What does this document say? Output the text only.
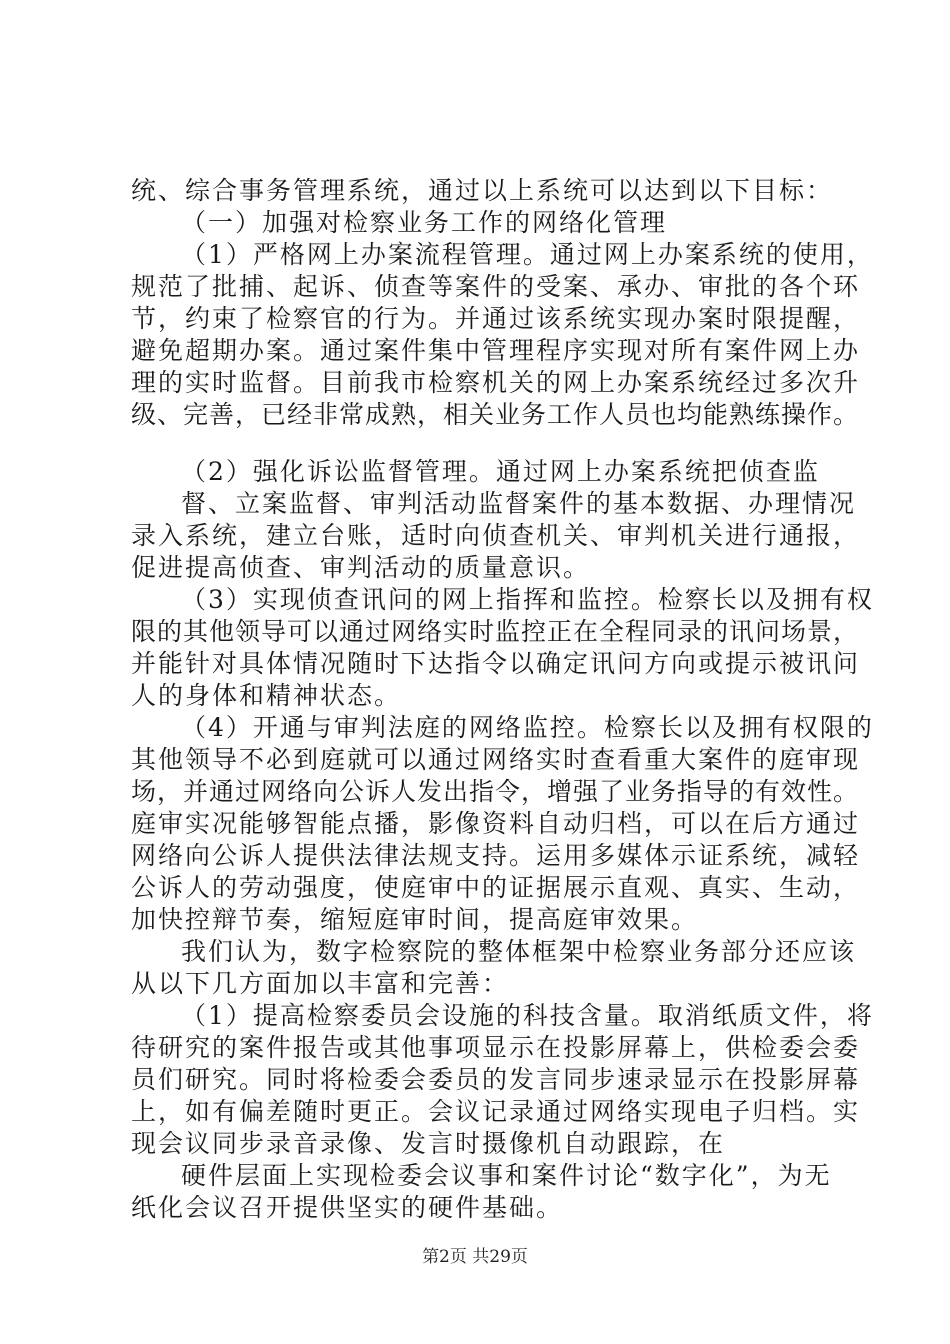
统、综合事务管理系统，通过以上系统可以达到以下目标：
（一）加强对检察业务工作的网络化管理
（1）严格网上办案流程管理。通过网上办案系统的使用，
规范了批捕、起诉、侦查等案件的受案、承办、审批的各个环
节，约束了检察官的行为。并通过该系统实现办案时限提醒，
避免超期办案。通过案件集中管理程序实现对所有案件网上办
理的实时监督。目前我市检察机关的网上办案系统经过多次升
级、完善，已经非常成熟，相关业务工作人员也均能熟练操作。
（2）强化诉讼监督管理。通过网上办案系统把侦查监
督、立案监督、审判活动监督案件的基本数据、办理情况
录入系统，建立台账，适时向侦查机关、审判机关进行通报，
促进提高侦查、审判活动的质量意识。
（3）实现侦查讯问的网上指挥和监控。检察长以及拥有权
限的其他领导可以通过网络实时监控正在全程同录的讯问场景，
并能针对具体情况随时下达指令以确定讯问方向或提示被讯问
人的身体和精神状态。
（4）开通与审判法庭的网络监控。检察长以及拥有权限的
其他领导不必到庭就可以通过网络实时查看重大案件的庭审现
场，并通过网络向公诉人发出指令，增强了业务指导的有效性。
庭审实况能够智能点播，影像资料自动归档，可以在后方通过
网络向公诉人提供法律法规支持。运用多媒体示证系统，减轻
公诉人的劳动强度，使庭审中的证据展示直观、真实、生动，
加快控辩节奏，缩短庭审时间，提高庭审效果。
我们认为，数字检察院的整体框架中检察业务部分还应该
从以下几方面加以丰富和完善：
（1）提高检察委员会设施的科技含量。取消纸质文件，将
待研究的案件报告或其他事项显示在投影屏幕上，供检委会委
员们研究。同时将检委会委员的发言同步速录显示在投影屏幕
上，如有偏差随时更正。会议记录通过网络实现电子归档。实
现会议同步录音录像、发言时摄像机自动跟踪，在
硬件层面上实现检委会议事和案件讨论“数字化”，为无
纸化会议召开提供坚实的硬件基础。
第2页 共29页
